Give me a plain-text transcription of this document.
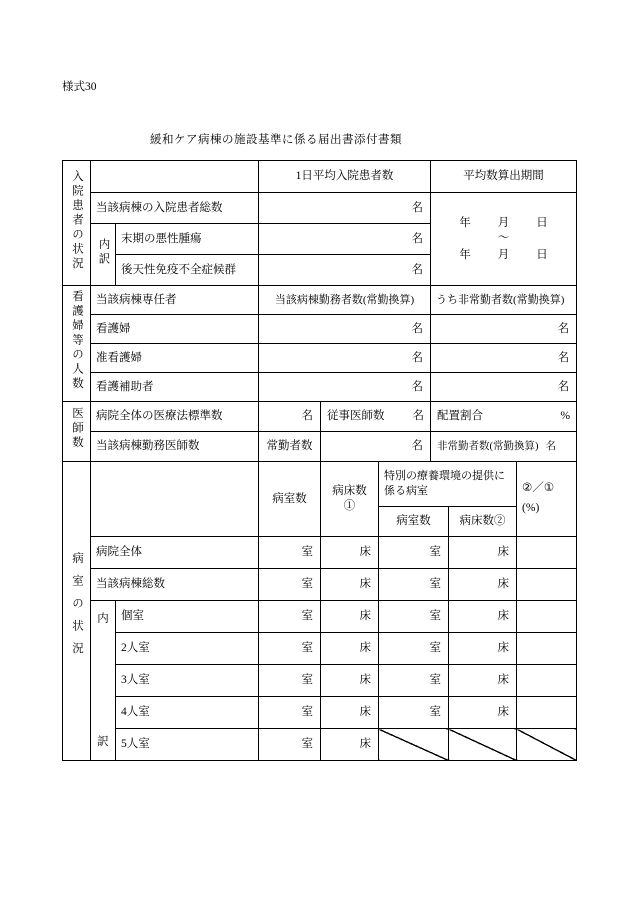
様式30
緩和ケア病棟の施設基準に係る届出書添付書類
入院患者の状況			1日平均入院患者数			平均数算出期間		
当該病棟の入院患者総数	名	
年 月 日
〜
年 月 日

	内訳	末期の悪性腫瘍	名					
		後天性免疫不全症候群	名					
看護婦等の人数	当該病棟専任者		当該病棟勤務者数(常勤換算)			うち非常勤者数(常勤換算)		
	看護婦		名			名		
	准看護婦		名			名		
	看護補助者		名			名		
医師数	病院全体の医療法標準数		名	従事医師数 名		配置割合 %		

	当該病棟勤務医師数		常勤者数	名		非常勤者数(常勤換算) 名		

病室の状況			病室数	病床数①	特別の療養環境の提供に係る病室			②／①
(%)

					病室数		病床数②	
	病院全体		室	床	室		床	
	当該病棟総数		室	床	室		床	

	内
訳	個室	室	床	室		床	
		2人室	室	床	室		床	
		3人室	室	床	室		床	
		4人室	室	床	室		床	
		5人室	室	床				
